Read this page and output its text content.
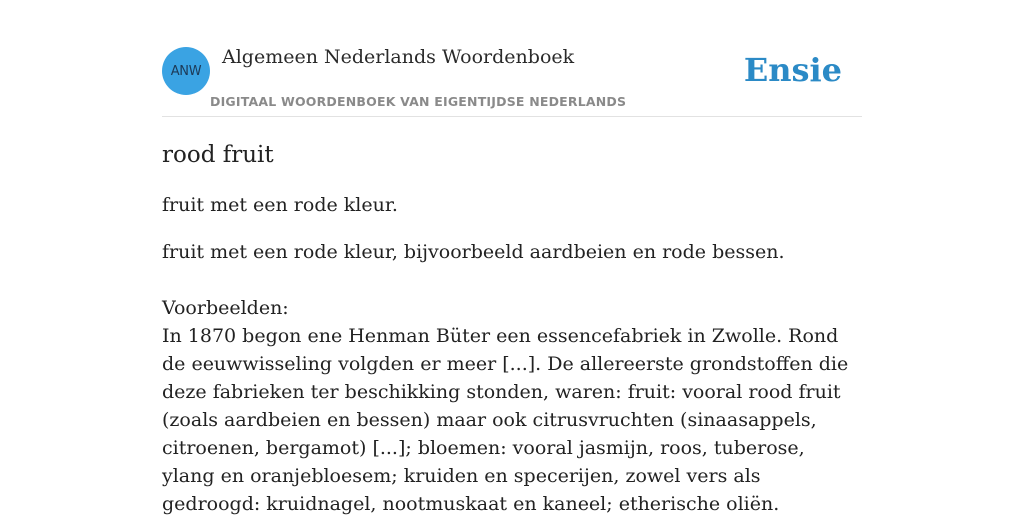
ANW
Algemeen Nederlands Woordenboek
DIGITAAL WOORDENBOEK VAN EIGENTIJDSE NEDERLANDS
Ensie
rood fruit

fruit met een rode kleur.

fruit met een rode kleur, bijvoorbeeld aardbeien en rode bessen.

Voorbeelden:
In 1870 begon ene Henman Büter een essencefabriek in Zwolle. Rond de eeuwwisseling volgden er meer [...]. De allereerste grondstoffen die deze fabrieken ter beschikking stonden, waren: fruit: vooral rood fruit (zoals aardbeien en bessen) maar ook citrusvruchten (sinaasappels, citroenen, bergamot) [...]; bloemen: vooral jasmijn, roos, tuberose, ylang en oranjebloesem; kruiden en specerijen, zowel vers als gedroogd: kruidnagel, nootmuskaat en kaneel; etherische oliën.
